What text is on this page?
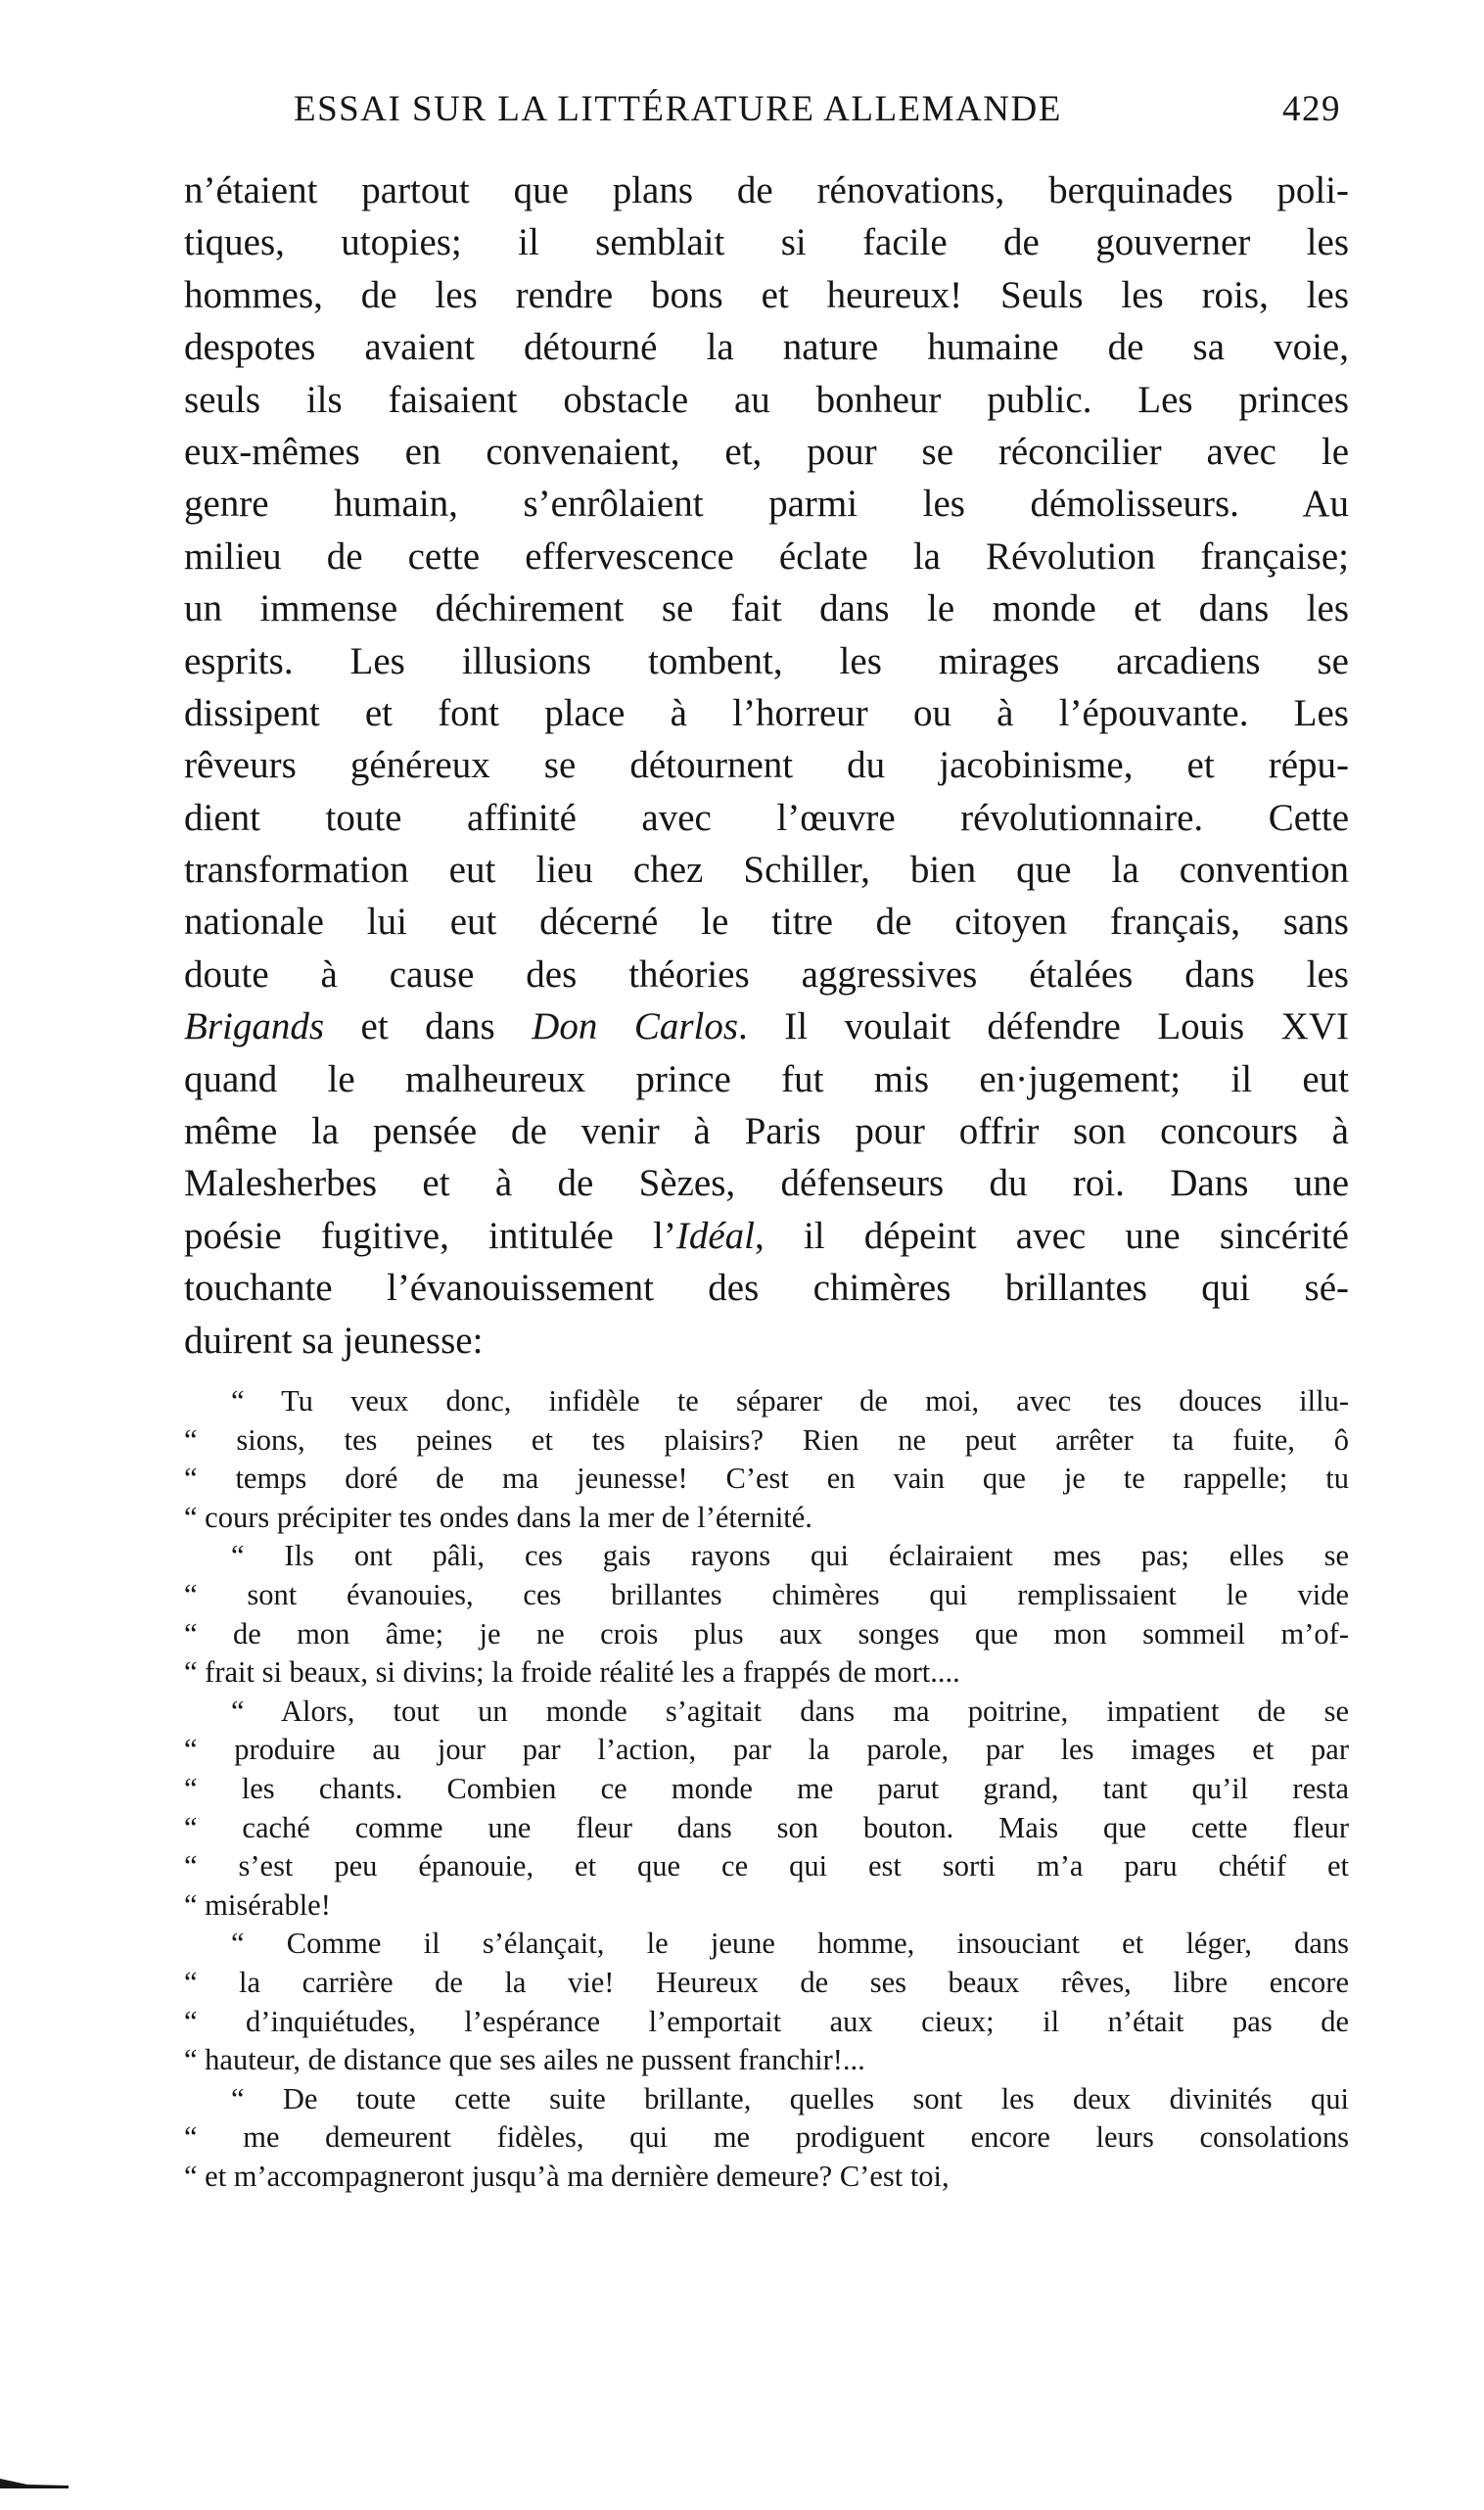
ESSAI SUR LA LITTÉRATURE ALLEMANDE	429
n’étaient partout que plans de rénovations, berquinades poli-
tiques, utopies; il semblait si facile de gouverner les
hommes, de les rendre bons et heureux! Seuls les rois, les
despotes avaient détourné la nature humaine de sa voie,
seuls ils faisaient obstacle au bonheur public. Les princes
eux-mêmes en convenaient, et, pour se réconcilier avec le
genre humain, s’enrôlaient parmi les démolisseurs. Au
milieu de cette effervescence éclate la Révolution française;
un immense déchirement se fait dans le monde et dans les
esprits. Les illusions tombent, les mirages arcadiens se
dissipent et font place à l’horreur ou à l’épouvante. Les
rêveurs généreux se détournent du jacobinisme, et répu-
dient toute affinité avec l’œuvre révolutionnaire. Cette
transformation eut lieu chez Schiller, bien que la convention
nationale lui eut décerné le titre de citoyen français, sans
doute à cause des théories aggressives étalées dans les
Brigands et dans Don Carlos. Il voulait défendre Louis XVI
quand le malheureux prince fut mis en·jugement; il eut
même la pensée de venir à Paris pour offrir son concours à
Malesherbes et à de Sèzes, défenseurs du roi. Dans une
poésie fugitive, intitulée l’Idéal, il dépeint avec une sincérité
touchante l’évanouissement des chimères brillantes qui sé-
duirent sa jeunesse:
“ Tu veux donc, infidèle te séparer de moi, avec tes douces illu-
“ sions, tes peines et tes plaisirs? Rien ne peut arrêter ta fuite, ô
“ temps doré de ma jeunesse! C’est en vain que je te rappelle; tu
“ cours précipiter tes ondes dans la mer de l’éternité.
“ Ils ont pâli, ces gais rayons qui éclairaient mes pas; elles se
“ sont évanouies, ces brillantes chimères qui remplissaient le vide
“ de mon âme; je ne crois plus aux songes que mon sommeil m’of-
“ frait si beaux, si divins; la froide réalité les a frappés de mort....
“ Alors, tout un monde s’agitait dans ma poitrine, impatient de se
“ produire au jour par l’action, par la parole, par les images et par
“ les chants. Combien ce monde me parut grand, tant qu’il resta
“ caché comme une fleur dans son bouton. Mais que cette fleur
“ s’est peu épanouie, et que ce qui est sorti m’a paru chétif et
“ misérable!
“ Comme il s’élançait, le jeune homme, insouciant et léger, dans
“ la carrière de la vie! Heureux de ses beaux rêves, libre encore
“ d’inquiétudes, l’espérance l’emportait aux cieux; il n’était pas de
“ hauteur, de distance que ses ailes ne pussent franchir!...
“ De toute cette suite brillante, quelles sont les deux divinités qui
“ me demeurent fidèles, qui me prodiguent encore leurs consolations
“ et m’accompagneront jusqu’à ma dernière demeure? C’est toi,
